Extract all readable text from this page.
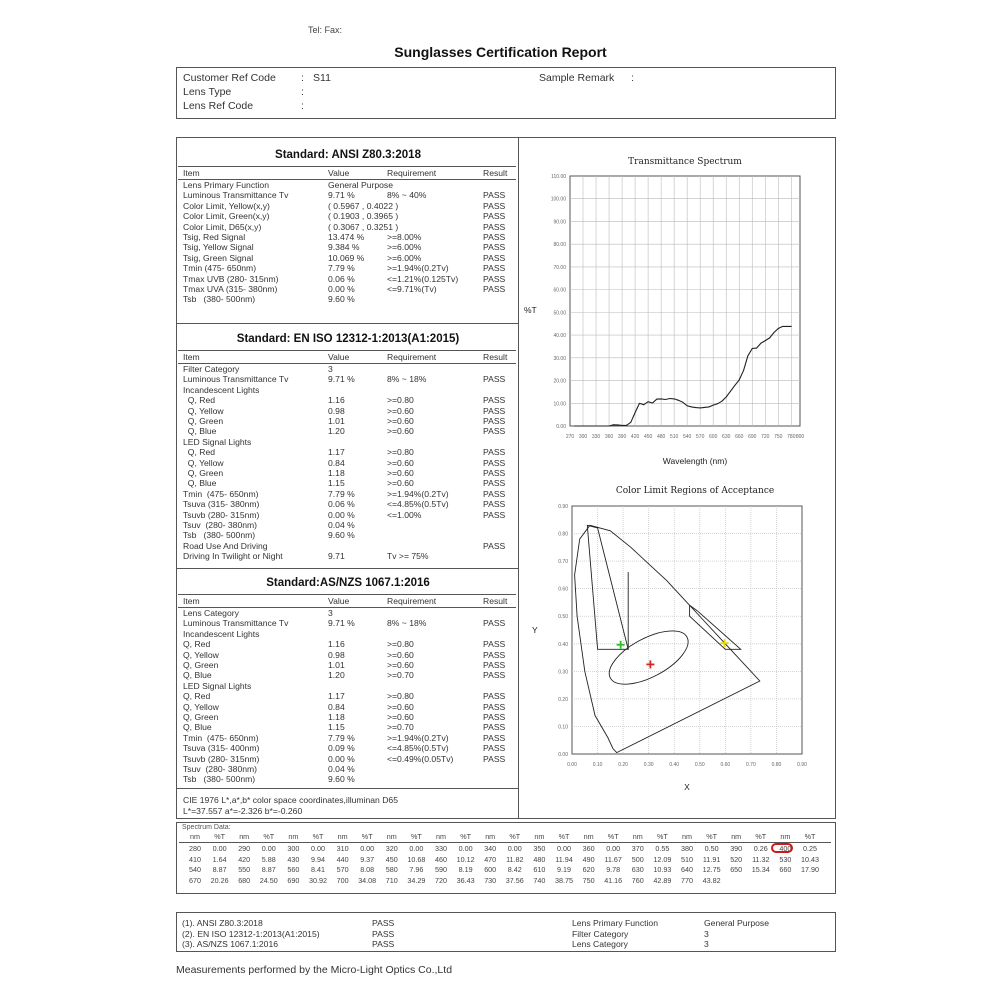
Tel: Fax:
Sunglasses Certification Report
Customer Ref Code : S11
Lens Type	:
Lens Ref Code	:
Sample Remark :
Standard: ANSI Z80.3:2018
Item	Value	Requirement	Result
Lens Primary Function	General Purpose
Luminous Transmittance Tv	9.71 %	8% ~ 40%	PASS
Color Limit, Yellow(x,y)	( 0.5967 , 0.4022 )	PASS
Color Limit, Green(x,y)	( 0.1903 , 0.3965 )	PASS
Color Limit, D65(x,y)	( 0.3067 , 0.3251 )	PASS
Tsig, Red Signal	13.474 %	>=8.00%	PASS
Tsig, Yellow Signal	9.384 %	>=6.00%	PASS
Tsig, Green Signal	10.069 %	>=6.00%	PASS
Tmin (475- 650nm)	7.79 %	>=1.94%(0.2Tv)	PASS
Tmax UVB (280- 315nm)	0.06 %	<=1.21%(0.125Tv)	PASS
Tmax UVA (315- 380nm)	0.00 %	<=9.71%(Tv)	PASS
Tsb   (380- 500nm)	9.60 %
Standard: EN ISO 12312-1:2013(A1:2015)
Item	Value	Requirement	Result
Filter Category	3
Luminous Transmittance Tv	9.71 %	8% ~ 18%	PASS
Incandescent Lights
Q, Red	1.16	>=0.80	PASS
Q, Yellow	0.98	>=0.60	PASS
Q, Green	1.01	>=0.60	PASS
Q, Blue	1.20	>=0.60	PASS
LED Signal Lights
Q, Red	1.17	>=0.80	PASS
Q, Yellow	0.84	>=0.60	PASS
Q, Green	1.18	>=0.60	PASS
Q, Blue	1.15	>=0.60	PASS
Tmin  (475- 650nm)	7.79 %	>=1.94%(0.2Tv)	PASS
Tsuva (315- 380nm)	0.06 %	<=4.85%(0.5Tv)	PASS
Tsuvb (280- 315nm)	0.00 %	<=1.00%	PASS
Tsuv  (280- 380nm)	0.04 %
Tsb   (380- 500nm)	9.60 %
Road Use And Driving	PASS
Driving In Twilight or Night	9.71	Tv >= 75%
Standard:AS/NZS 1067.1:2016
Item	Value	Requirement	Result
Lens Category	3
Luminous Transmittance Tv	9.71 %	8% ~ 18%	PASS
Incandescent Lights
Q, Red	1.16	>=0.80	PASS
Q, Yellow	0.98	>=0.60	PASS
Q, Green	1.01	>=0.60	PASS
Q, Blue	1.20	>=0.70	PASS
LED Signal Lights
Q, Red	1.17	>=0.80	PASS
Q, Yellow	0.84	>=0.60	PASS
Q, Green	1.18	>=0.60	PASS
Q, Blue	1.15	>=0.70	PASS
Tmin  (475- 650nm)	7.79 %	>=1.94%(0.2Tv)	PASS
Tsuva (315- 400nm)	0.09 %	<=4.85%(0.5Tv)	PASS
Tsuvb (280- 315nm)	0.00 %	<=0.49%(0.05Tv)	PASS
Tsuv  (280- 380nm)	0.04 %
Tsb   (380- 500nm)	9.60 %
CIE 1976 L*,a*,b* color space coordinates,illuminan D65
L*=37.557 a*=-2.326 b*=-0.260
Transmittance Spectrum
270 300 330 360 390 420 450 480 510 540 570 600 630 660 690 720 750 780 800
0.00
10.00
20.00
30.00
40.00
50.00
60.00
70.00
80.00
90.00
100.00
110.00
Wavelength (nm)
%T
Color Limit Regions of Acceptance
0.00	0.10	0.20	0.30	0.40	0.50	0.60	0.70	0.80	0.90
0.00
0.10
0.20
0.30
0.40
0.50
0.60
0.70
0.80
0.90
X
Y
Spectrum Data:
nm	%T	nm	%T	nm	%T	nm	%T	nm	%T	nm	%T	nm	%T	nm	%T	nm	%T	nm	%T	nm	%T	nm	%T	nm	%T
280	0.00	290	0.00	300	0.00	310	0.00	320	0.00	330	0.00	340	0.00	350	0.00	360	0.00	370	0.55	380	0.50	390	0.26	400	0.25
410	1.64	420	5.88	430	9.94	440	9.37	450	10.68	460	10.12	470	11.82	480	11.94	490	11.67	500	12.09	510	11.91	520	11.32	530	10.43
540	8.87	550	8.87	560	8.41	570	8.08	580	7.96	590	8.19	600	8.42	610	9.19	620	9.78	630	10.93	640	12.75	650	15.34	660	17.90
670	20.26	680	24.50	690	30.92	700	34.08	710	34.29	720	36.43	730	37.56	740	38.75	750	41.16	760	42.89	770	43.82
(1). ANSI Z80.3:2018	PASS	Lens Primary Function	General Purpose
(2). EN ISO 12312-1:2013(A1:2015)	PASS	Filter Category	3
(3). AS/NZS 1067.1:2016	PASS	Lens Category	3
Measurements performed by the Micro-Light Optics Co.,Ltd
